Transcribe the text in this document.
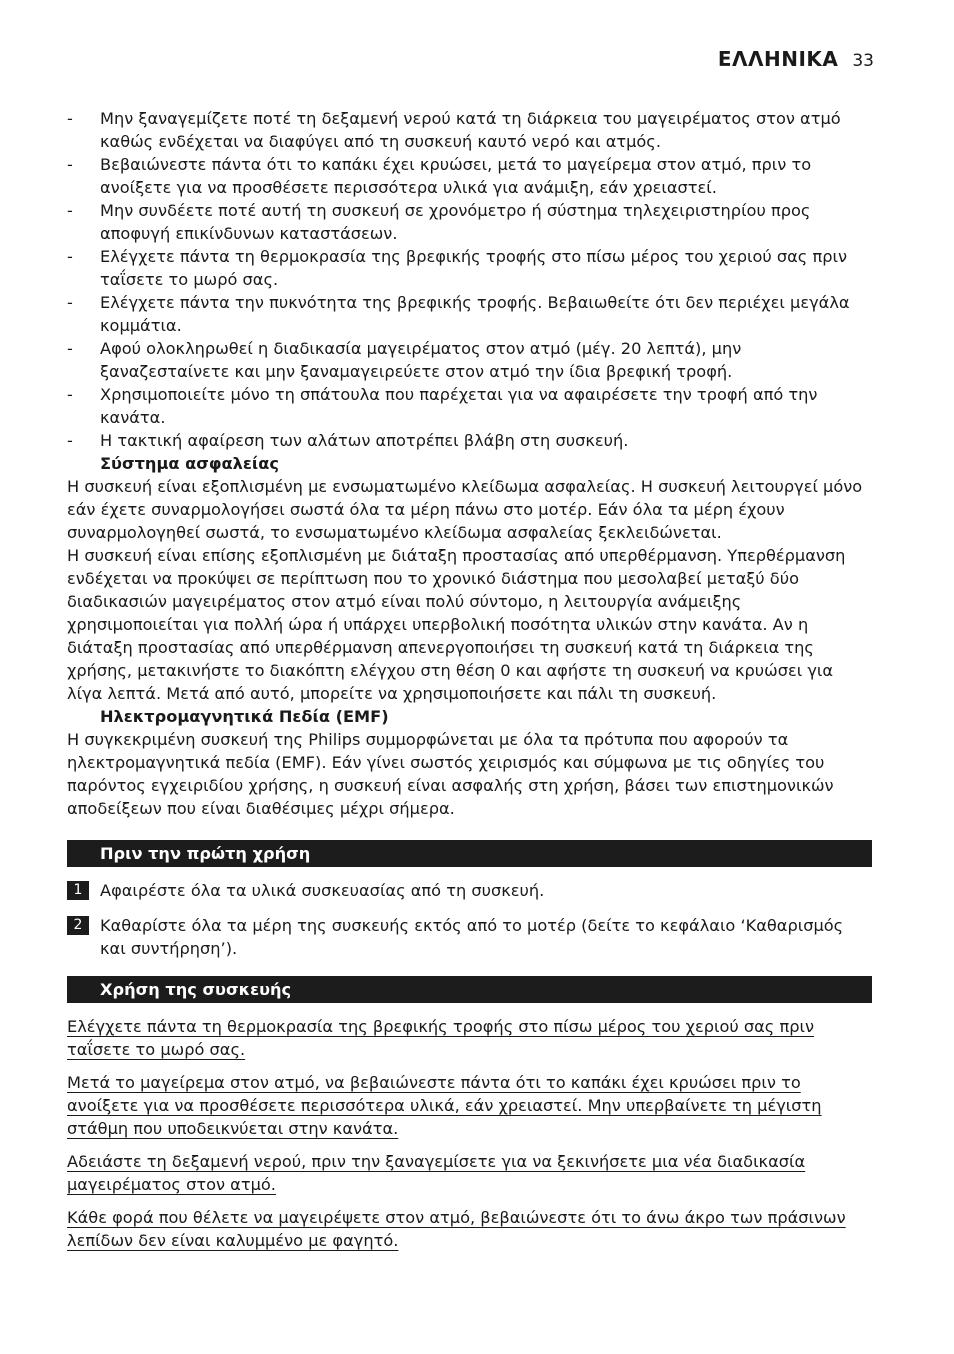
ΕΛΛΗΝΙΚΑ 33
- Μην ξαναγεμίζετε ποτέ τη δεξαμενή νερού κατά τη διάρκεια του μαγειρέματος στον ατμό καθώς ενδέχεται να διαφύγει από τη συσκευή καυτό νερό και ατμός.
- Βεβαιώνεστε πάντα ότι το καπάκι έχει κρυώσει, μετά το μαγείρεμα στον ατμό, πριν το ανοίξετε για να προσθέσετε περισσότερα υλικά για ανάμιξη, εάν χρειαστεί.
- Μην συνδέετε ποτέ αυτή τη συσκευή σε χρονόμετρο ή σύστημα τηλεχειριστηρίου προς αποφυγή επικίνδυνων καταστάσεων.
- Ελέγχετε πάντα τη θερμοκρασία της βρεφικής τροφής στο πίσω μέρος του χεριού σας πριν ταΐσετε το μωρό σας.
- Ελέγχετε πάντα την πυκνότητα της βρεφικής τροφής. Βεβαιωθείτε ότι δεν περιέχει μεγάλα κομμάτια.
- Αφού ολοκληρωθεί η διαδικασία μαγειρέματος στον ατμό (μέγ. 20 λεπτά), μην ξαναζεσταίνετε και μην ξαναμαγειρεύετε στον ατμό την ίδια βρεφική τροφή.
- Χρησιμοποιείτε μόνο τη σπάτουλα που παρέχεται για να αφαιρέσετε την τροφή από την κανάτα.
- Η τακτική αφαίρεση των αλάτων αποτρέπει βλάβη στη συσκευή.
Σύστημα ασφαλείας

Η συσκευή είναι εξοπλισμένη με ενσωματωμένο κλείδωμα ασφαλείας. Η συσκευή λειτουργεί μόνο εάν έχετε συναρμολογήσει σωστά όλα τα μέρη πάνω στο μοτέρ. Εάν όλα τα μέρη έχουν συναρμολογηθεί σωστά, το ενσωματωμένο κλείδωμα ασφαλείας ξεκλειδώνεται.

Η συσκευή είναι επίσης εξοπλισμένη με διάταξη προστασίας από υπερθέρμανση. Υπερθέρμανση ενδέχεται να προκύψει σε περίπτωση που το χρονικό διάστημα που μεσολαβεί μεταξύ δύο διαδικασιών μαγειρέματος στον ατμό είναι πολύ σύντομο, η λειτουργία ανάμειξης χρησιμοποιείται για πολλή ώρα ή υπάρχει υπερβολική ποσότητα υλικών στην κανάτα. Αν η διάταξη προστασίας από υπερθέρμανση απενεργοποιήσει τη συσκευή κατά τη διάρκεια της χρήσης, μετακινήστε το διακόπτη ελέγχου στη θέση 0 και αφήστε τη συσκευή να κρυώσει για λίγα λεπτά. Μετά από αυτό, μπορείτε να χρησιμοποιήσετε και πάλι τη συσκευή.

Ηλεκτρομαγνητικά Πεδία (EMF)

Η συγκεκριμένη συσκευή της Philips συμμορφώνεται με όλα τα πρότυπα που αφορούν τα ηλεκτρομαγνητικά πεδία (EMF). Εάν γίνει σωστός χειρισμός και σύμφωνα με τις οδηγίες του παρόντος εγχειριδίου χρήσης, η συσκευή είναι ασφαλής στη χρήση, βάσει των επιστημονικών αποδείξεων που είναι διαθέσιμες μέχρι σήμερα.

Πριν την πρώτη χρήση
1	Αφαιρέστε όλα τα υλικά συσκευασίας από τη συσκευή.
2	Καθαρίστε όλα τα μέρη της συσκευής εκτός από το μοτέρ (δείτε το κεφάλαιο ‘Καθαρισμός και συντήρηση’).
Χρήση της συσκευής
Ελέγχετε πάντα τη θερμοκρασία της βρεφικής τροφής στο πίσω μέρος του χεριού σας πριν ταΐσετε το μωρό σας.
Μετά το μαγείρεμα στον ατμό, να βεβαιώνεστε πάντα ότι το καπάκι έχει κρυώσει πριν το ανοίξετε για να προσθέσετε περισσότερα υλικά, εάν χρειαστεί. Μην υπερβαίνετε τη μέγιστη στάθμη που υποδεικνύεται στην κανάτα.
Αδειάστε τη δεξαμενή νερού, πριν την ξαναγεμίσετε για να ξεκινήσετε μια νέα διαδικασία μαγειρέματος στον ατμό.
Κάθε φορά που θέλετε να μαγειρέψετε στον ατμό, βεβαιώνεστε ότι το άνω άκρο των πράσινων λεπίδων δεν είναι καλυμμένο με φαγητό.
